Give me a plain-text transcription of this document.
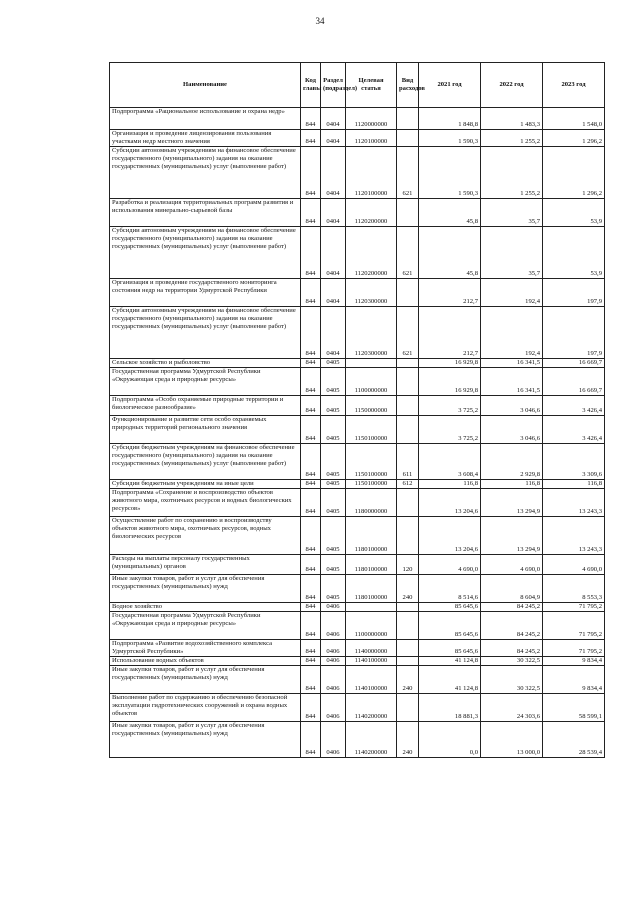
34
Наименование	Код главы	Раздел (подраздел)	Целевая статья	Вид расходов	2021 год	2022 год	2023 год
Подпрограмма «Рациональное использование и охрана недр»	844	0404	1120000000		1 848,8	1 483,3	1 548,0
Организация и проведение лицензирования пользования участками недр местного значения	844	0404	1120100000		1 590,3	1 255,2	1 296,2
Субсидии автономным учреждениям на финансовое обеспечение государственного (муниципального) задания на оказание государственных (муниципальных) услуг (выполнение работ)	844	0404	1120100000	621	1 590,3	1 255,2	1 296,2
Разработка и реализация территориальных программ развития и использования минерально-сырьевой базы	844	0404	1120200000		45,8	35,7	53,9
Субсидии автономным учреждениям на финансовое обеспечение государственного (муниципального) задания на оказание государственных (муниципальных) услуг (выполнение работ)	844	0404	1120200000	621	45,8	35,7	53,9
Организация и проведение государственного мониторинга состояния недр на территории Удмуртской Республики	844	0404	1120300000		212,7	192,4	197,9
Субсидии автономным учреждениям на финансовое обеспечение государственного (муниципального) задания на оказание государственных (муниципальных) услуг (выполнение работ)	844	0404	1120300000	621	212,7	192,4	197,9
Сельское хозяйство и рыболовство	844	0405			16 929,8	16 341,5	16 669,7
Государственная программа Удмуртской Республики «Окружающая среда и природные ресурсы»	844	0405	1100000000		16 929,8	16 341,5	16 669,7
Подпрограмма «Особо охраняемые природные территории и биологическое разнообразие»	844	0405	1150000000		3 725,2	3 046,6	3 426,4
Функционирование и развитие сети особо охраняемых природных территорий регионального значения	844	0405	1150100000		3 725,2	3 046,6	3 426,4
Субсидии бюджетным учреждениям на финансовое обеспечение государственного (муниципального) задания на оказание государственных (муниципальных) услуг (выполнение работ)	844	0405	1150100000	611	3 608,4	2 929,8	3 309,6
Субсидии бюджетным учреждениям на иные цели	844	0405	1150100000	612	116,8	116,8	116,8
Подпрограмма «Сохранение и воспроизводство объектов животного мира, охотничьих ресурсов и водных биологических ресурсов»	844	0405	1180000000		13 204,6	13 294,9	13 243,3
Осуществление работ по сохранению и воспроизводству объектов животного мира, охотничьих ресурсов, водных биологических ресурсов	844	0405	1180100000		13 204,6	13 294,9	13 243,3
Расходы на выплаты персоналу государственных (муниципальных) органов	844	0405	1180100000	120	4 690,0	4 690,0	4 690,0
Иные закупки товаров, работ и услуг для обеспечения государственных (муниципальных) нужд	844	0405	1180100000	240	8 514,6	8 604,9	8 553,3
Водное хозяйство	844	0406			85 645,6	84 245,2	71 795,2
Государственная программа Удмуртской Республики «Окружающая среда и природные ресурсы»	844	0406	1100000000		85 645,6	84 245,2	71 795,2
Подпрограмма «Развитие водохозяйственного комплекса Удмуртской Республики»	844	0406	1140000000		85 645,6	84 245,2	71 795,2
Использование водных объектов	844	0406	1140100000		41 124,8	30 322,5	9 834,4
Иные закупки товаров, работ и услуг для обеспечения государственных (муниципальных) нужд	844	0406	1140100000	240	41 124,8	30 322,5	9 834,4
Выполнение работ по содержанию и обеспечению безопасной эксплуатации гидротехнических сооружений и охрана водных объектов	844	0406	1140200000		18 881,3	24 303,6	58 599,1
Иные закупки товаров, работ и услуг для обеспечения государственных (муниципальных) нужд	844	0406	1140200000	240	0,0	13 000,0	28 539,4
